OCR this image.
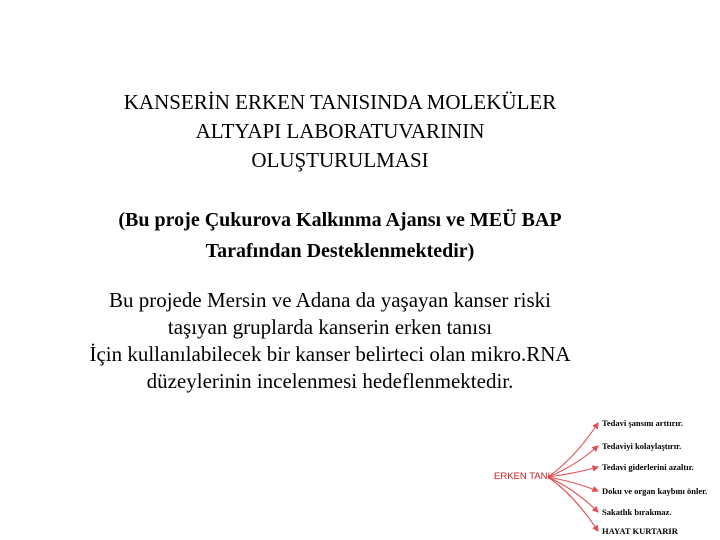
KANSERİN ERKEN TANISINDA MOLEKÜLER
ALTYAPI LABORATUVARININ
OLUŞTURULMASI
(Bu proje Çukurova Kalkınma Ajansı ve MEÜ BAP
Tarafından Desteklenmektedir)
Bu projede Mersin ve Adana da yaşayan kanser riski
taşıyan gruplarda kanserin erken tanısı
İçin kullanılabilecek bir kanser belirteci olan mikro.RNA
düzeylerinin incelenmesi hedeflenmektedir.
ERKEN TANI
Tedavi şansını arttırır.
Tedaviyi kolaylaştırır.
Tedavi giderlerini azaltır.
Doku ve organ kaybını önler.
Sakatlık bırakmaz.
HAYAT KURTARIR
